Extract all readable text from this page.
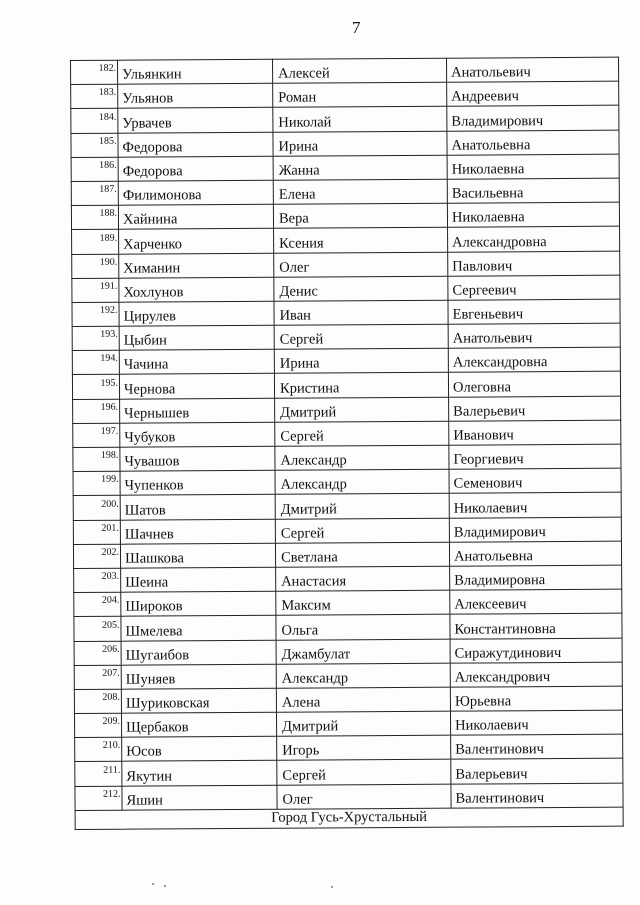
7
$^{182.}$	Ульянкин	Алексей	Анатольевич
$^{183.}$	Ульянов	Роман	Андреевич
$^{184.}$	Урвачев	Николай	Владимирович
$^{185.}$	Федорова	Ирина	Анатольевна
$^{186.}$	Федорова	Жанна	Николаевна
$^{187.}$	Филимонова	Елена	Васильевна
$^{188.}$	Хайнина	Вера	Николаевна
$^{189.}$	Харченко	Ксения	Александровна
$^{190.}$	Химанин	Олег	Павлович
$^{191.}$	Хохлунов	Денис	Сергеевич
$^{192.}$	Цирулев	Иван	Евгеньевич
$^{193.}$	Цыбин	Сергей	Анатольевич
$^{194.}$	Чачина	Ирина	Александровна
$^{195.}$	Чернова	Кристина	Олеговна
$^{196.}$	Чернышев	Дмитрий	Валерьевич
$^{197.}$	Чубуков	Сергей	Иванович
$^{198.}$	Чувашов	Александр	Георгиевич
$^{199.}$	Чупенков	Александр	Семенович
$^{200.}$	Шатов	Дмитрий	Николаевич
$^{201.}$	Шачнев	Сергей	Владимирович
$^{202.}$	Шашкова	Светлана	Анатольевна
$^{203.}$	Шеина	Анастасия	Владимировна
$^{204.}$	Широков	Максим	Алексеевич
$^{205.}$	Шмелева	Ольга	Константиновна
$^{206.}$	Шугаибов	Джамбулат	Сиражутдинович
$^{207.}$	Шуняев	Александр	Александрович
$^{208.}$	Шуриковская	Алена	Юрьевна
$^{209.}$	Щербаков	Дмитрий	Николаевич
$^{210.}$	Юсов	Игорь	Валентинович
$^{211.}$	Якутин	Сергей	Валерьевич
$^{212.}$	Яшин	Олег	Валентинович
Город Гусь-Хрустальный			
